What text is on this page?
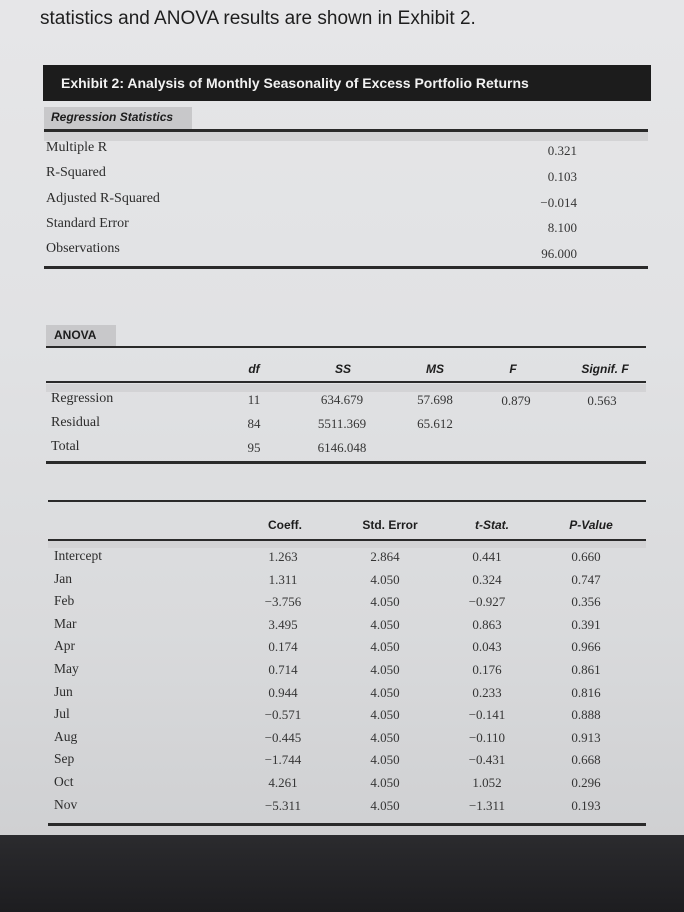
statistics and ANOVA results are shown in Exhibit 2.

Exhibit 2: Analysis of Monthly Seasonality of Excess Portfolio Returns
Regression Statistics
Multiple R	0.321
R-Squared	0.103
Adjusted R-Squared	−0.014
Standard Error	8.100
Observations	96.000
ANOVA
df	SS	MS	F	Signif. F
Regression	11	634.679	57.698	0.879	0.563
Residual	84	5511.369	65.612
Total	95	6146.048
Coeff.	Std. Error	t-Stat.	P-Value
Intercept	1.263	2.864	0.441	0.660
Jan	1.311	4.050	0.324	0.747
Feb	−3.756	4.050	−0.927	0.356
Mar	3.495	4.050	0.863	0.391
Apr	0.174	4.050	0.043	0.966
May	0.714	4.050	0.176	0.861
Jun	0.944	4.050	0.233	0.816
Jul	−0.571	4.050	−0.141	0.888
Aug	−0.445	4.050	−0.110	0.913
Sep	−1.744	4.050	−0.431	0.668
Oct	4.261	4.050	1.052	0.296
Nov	−5.311	4.050	−1.311	0.193
